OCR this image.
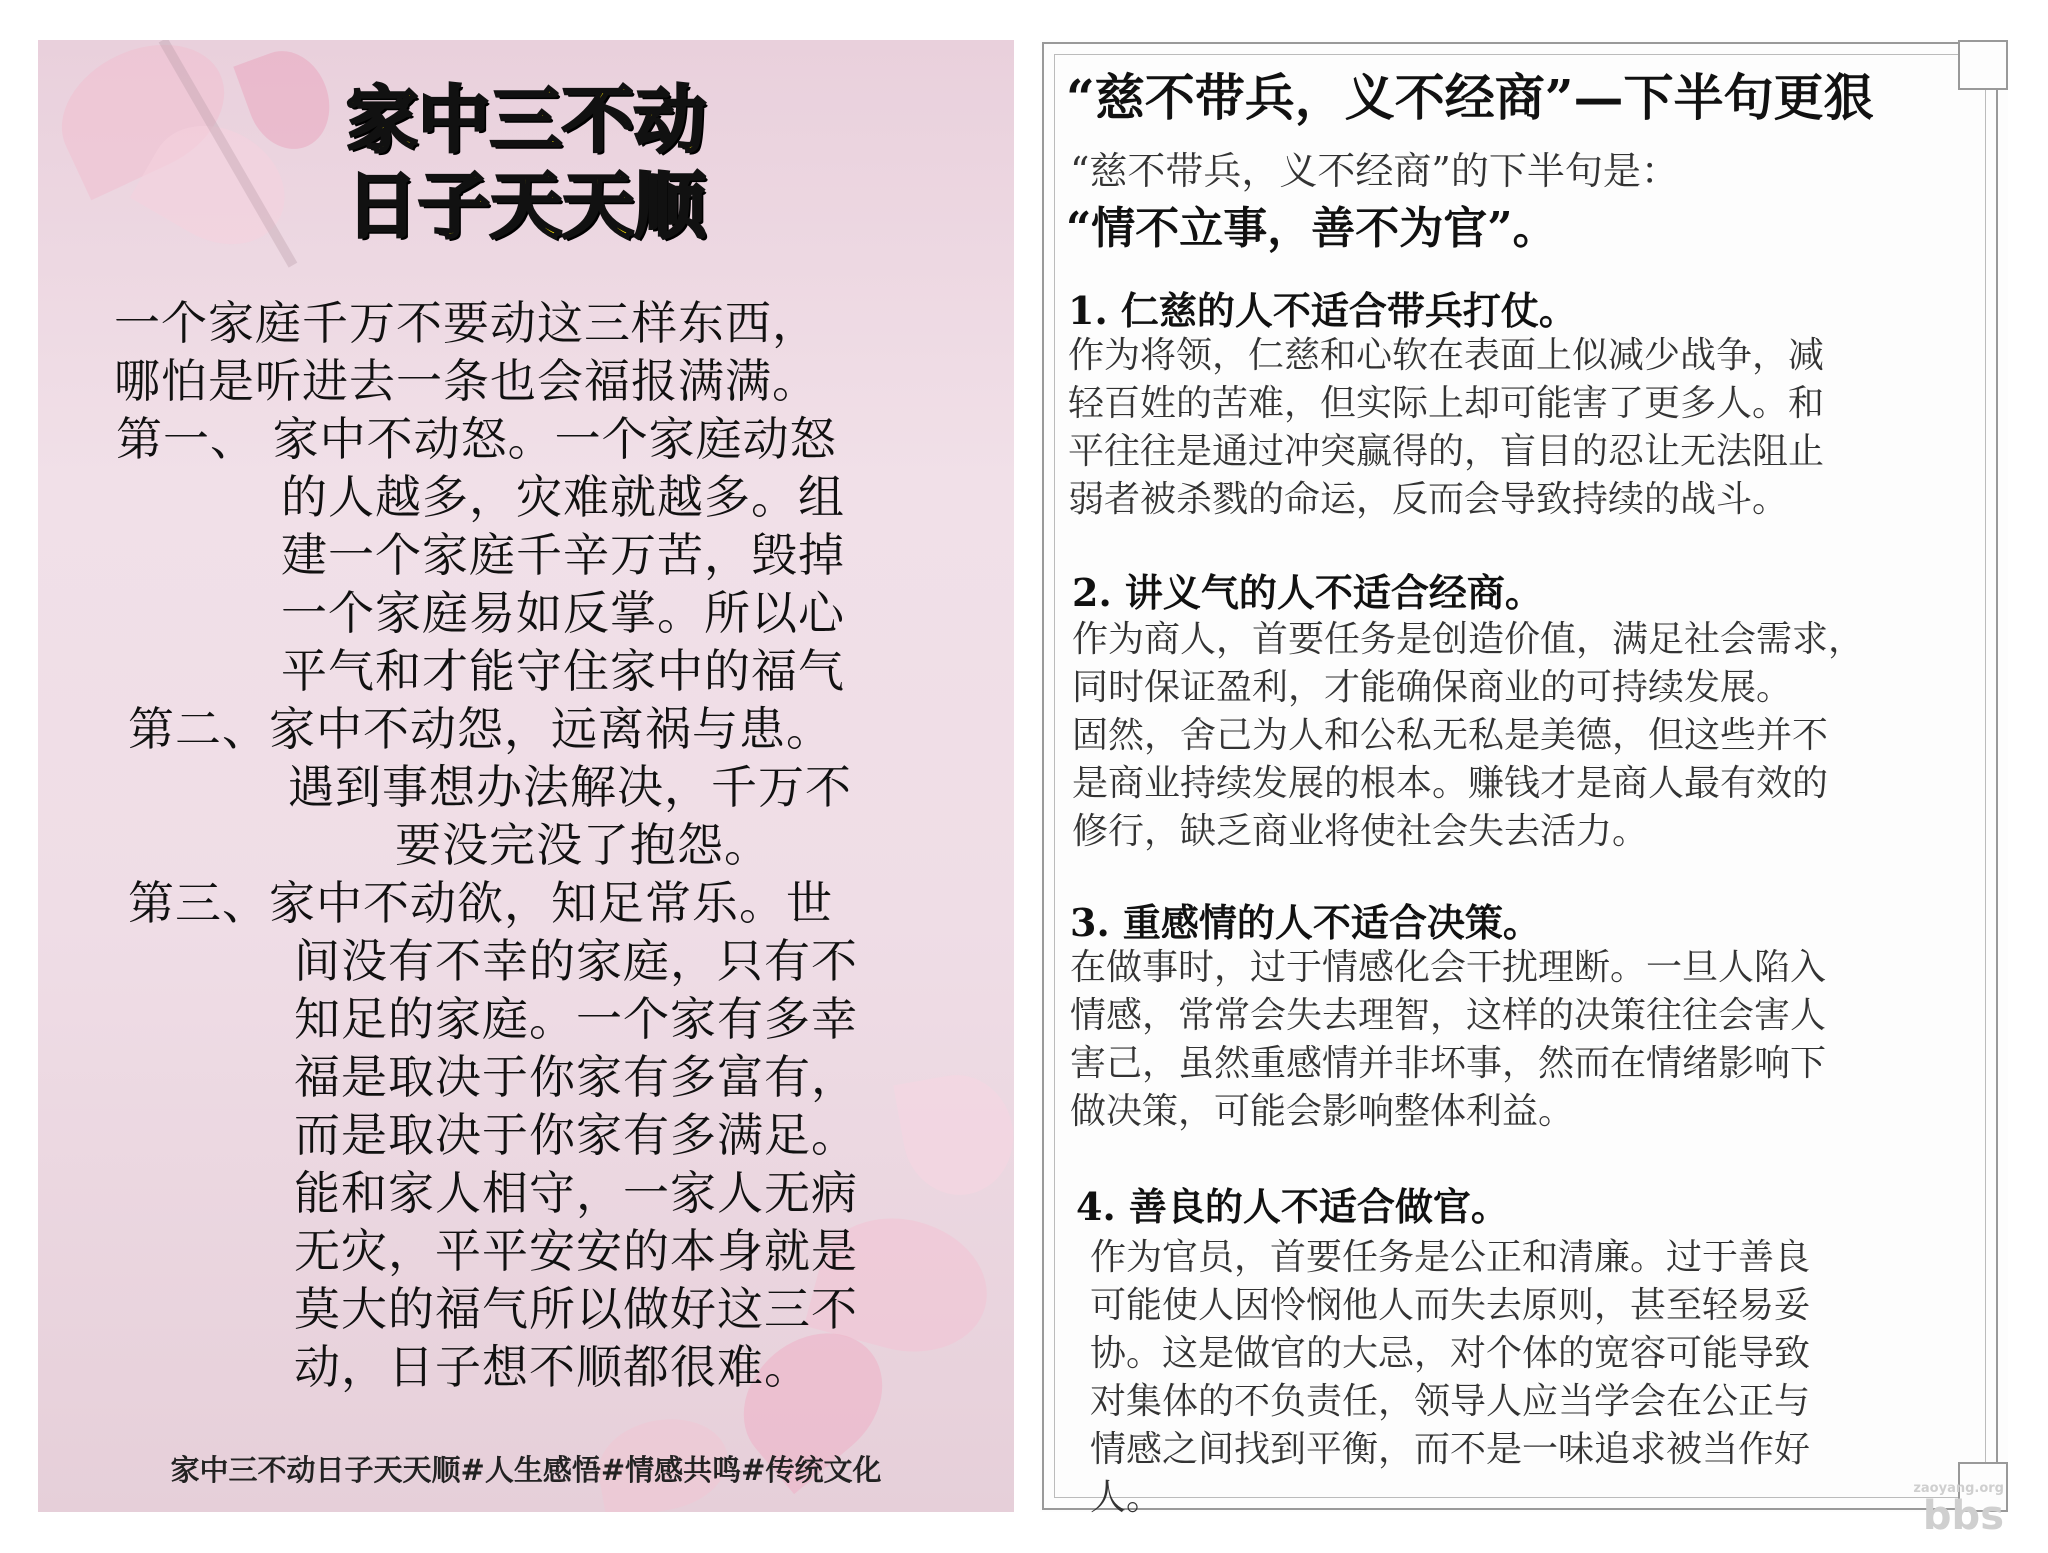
家中三不动
日子天天顺
一个家庭千万不要动这三样东西，
哪怕是听进去一条也会福报满满。
第一、 家中不动怒。一个家庭动怒
的人越多，灾难就越多。组
建一个家庭千辛万苦，毁掉
一个家庭易如反掌。所以心
平气和才能守住家中的福气
第二、家中不动怨，远离祸与患。
遇到事想办法解决，千万不
要没完没了抱怨。
第三、家中不动欲，知足常乐。世
间没有不幸的家庭，只有不
知足的家庭。一个家有多幸
福是取决于你家有多富有，
而是取决于你家有多满足。
能和家人相守，一家人无病
无灾，平平安安的本身就是
莫大的福气所以做好这三不
动，日子想不顺都很难。
家中三不动日子天天顺#人生感悟#情感共鸣#传统文化
“慈不带兵，义不经商”—下半句更狠
“慈不带兵，义不经商”的下半句是：
“情不立事，善不为官”。
1. 仁慈的人不适合带兵打仗。
作为将领，仁慈和心软在表面上似减少战争，减
轻百姓的苦难，但实际上却可能害了更多人。和
平往往是通过冲突赢得的，盲目的忍让无法阻止
弱者被杀戮的命运，反而会导致持续的战斗。
2. 讲义气的人不适合经商。
作为商人，首要任务是创造价值，满足社会需求，
同时保证盈利，才能确保商业的可持续发展。
固然，舍己为人和公私无私是美德，但这些并不
是商业持续发展的根本。赚钱才是商人最有效的
修行，缺乏商业将使社会失去活力。
3. 重感情的人不适合决策。
在做事时，过于情感化会干扰理断。一旦人陷入
情感，常常会失去理智，这样的决策往往会害人
害己，虽然重感情并非坏事，然而在情绪影响下
做决策，可能会影响整体利益。
4. 善良的人不适合做官。
作为官员，首要任务是公正和清廉。过于善良
可能使人因怜悯他人而失去原则，甚至轻易妥
协。这是做官的大忌，对个体的宽容可能导致
对集体的不负责任，领导人应当学会在公正与
情感之间找到平衡，而不是一味追求被当作好
人。	zaoyang.org
bbs
